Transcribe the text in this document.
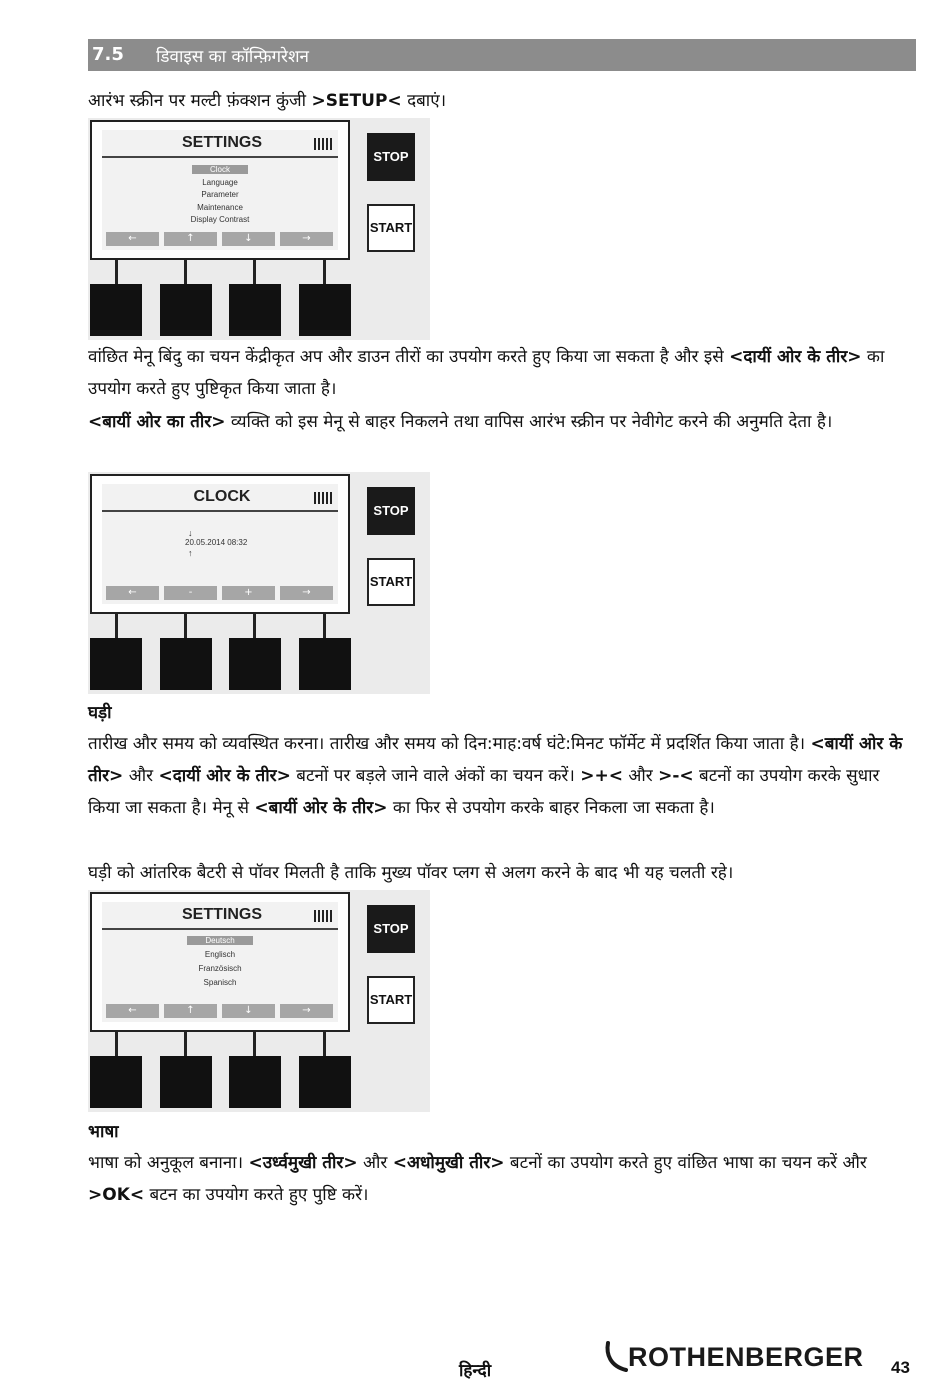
7.5 डिवाइस का कॉन्फ़िगरेशन

आरंभ स्क्रीन पर मल्टी फ़ंक्शन कुंजी >SETUP< दबाएं।

SETTINGS
Clock
Language
Parameter
Maintenance
Display Contrast
←	↑	↓	→
STOP
START

वांछित मेनू बिंदु का चयन केंद्रीकृत अप और डाउन तीरों का उपयोग करते हुए किया जा सकता है और इसे <दायीं ओर के तीर> का उपयोग करते हुए पुष्टिकृत किया जाता है।

<बायीं ओर का तीर> व्यक्ति को इस मेनू से बाहर निकलने तथा वापिस आरंभ स्क्रीन पर नेवीगेट करने की अनुमति देता है।

CLOCK
↓
20.05.2014 08:32
↑
←	-	+	→
STOP
START
घड़ी

तारीख और समय को व्यवस्थित करना। तारीख और समय को दिन:माह:वर्ष घंटे:मिनट फॉर्मेट में प्रदर्शित किया जाता है। <बायीं ओर के तीर> और <दायीं ओर के तीर> बटनों पर बड़ले जाने वाले अंकों का चयन करें। >+< और >-< बटनों का उपयोग करके सुधार किया जा सकता है। मेनू से <बायीं ओर के तीर> का फिर से उपयोग करके बाहर निकला जा सकता है।

घड़ी को आंतरिक बैटरी से पॉवर मिलती है ताकि मुख्य पॉवर प्लग से अलग करने के बाद भी यह चलती रहे।

SETTINGS
Deutsch
Englisch
Französisch
Spanisch
←	↑	↓	→
STOP
START
भाषा

भाषा को अनुकूल बनाना। <उर्ध्वमुखी तीर> और <अधोमुखी तीर> बटनों का उपयोग करते हुए वांछित भाषा का चयन करें और >OK< बटन का उपयोग करते हुए पुष्टि करें।

हिन्दी	ROTHENBERGER 43
